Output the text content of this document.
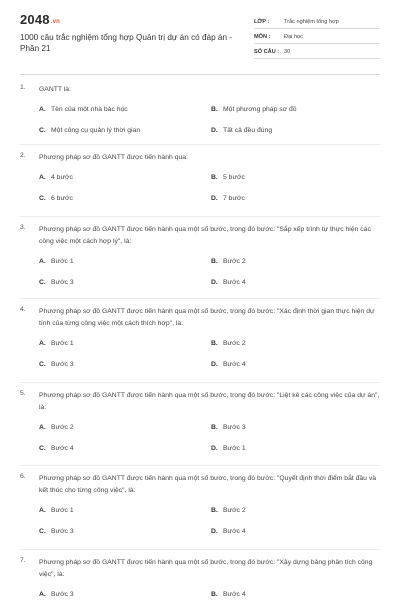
2048.vn
1000 câu trắc nghiệm tổng hợp Quản trị dự án có đáp án - Phần 21
LỚP :	Trắc nghiệm tổng hợp
MÔN : Đại học
SỐ CÂU : 30
1. GANTT là:
A. Tên của một nhà bác học	B. Một phương pháp sơ đồ
C. Một công cụ quản lý thời gian	D. Tất cả đều đúng
2. Phương pháp sơ đồ GANTT được tiến hành qua:
A. 4 bước	B. 5 bước
C. 6 bước	D. 7 bước
3. Phương pháp sơ đồ GANTT được tiến hành qua một số bước, trong đó bước: "Sắp xếp trình tự thực hiện các công việc một cách hợp lý", là:
A. Bước 1	B. Bước 2
C. Bước 3	D. Bước 4
4. Phương pháp sơ đồ GANTT được tiến hành qua một số bước, trong đó bước: "Xác định thời gian thực hiện dự tính của từng công việc một cách thích hợp", là:
A. Bước 1	B. Bước 2
C. Bước 3	D. Bước 4
5. Phương pháp sơ đồ GANTT được tiến hành qua một số bước, trong đó bước: "Liệt kê các công việc của dự án", là:
A. Bước 2	B. Bước 3
C. Bước 4	D. Bước 1
6. Phương pháp sơ đồ GANTT được tiến hành qua một số bước, trong đó bước: "Quyết định thời điểm bắt đầu và kết thúc cho từng công việc", là:
A. Bước 1	B. Bước 2
C. Bước 3	D. Bước 4
7. Phương pháp sơ đồ GANTT được tiến hành qua một số bước, trong đó bước: "Xây dựng bảng phân tích công việc", là:
A. Bước 3	B. Bước 4
